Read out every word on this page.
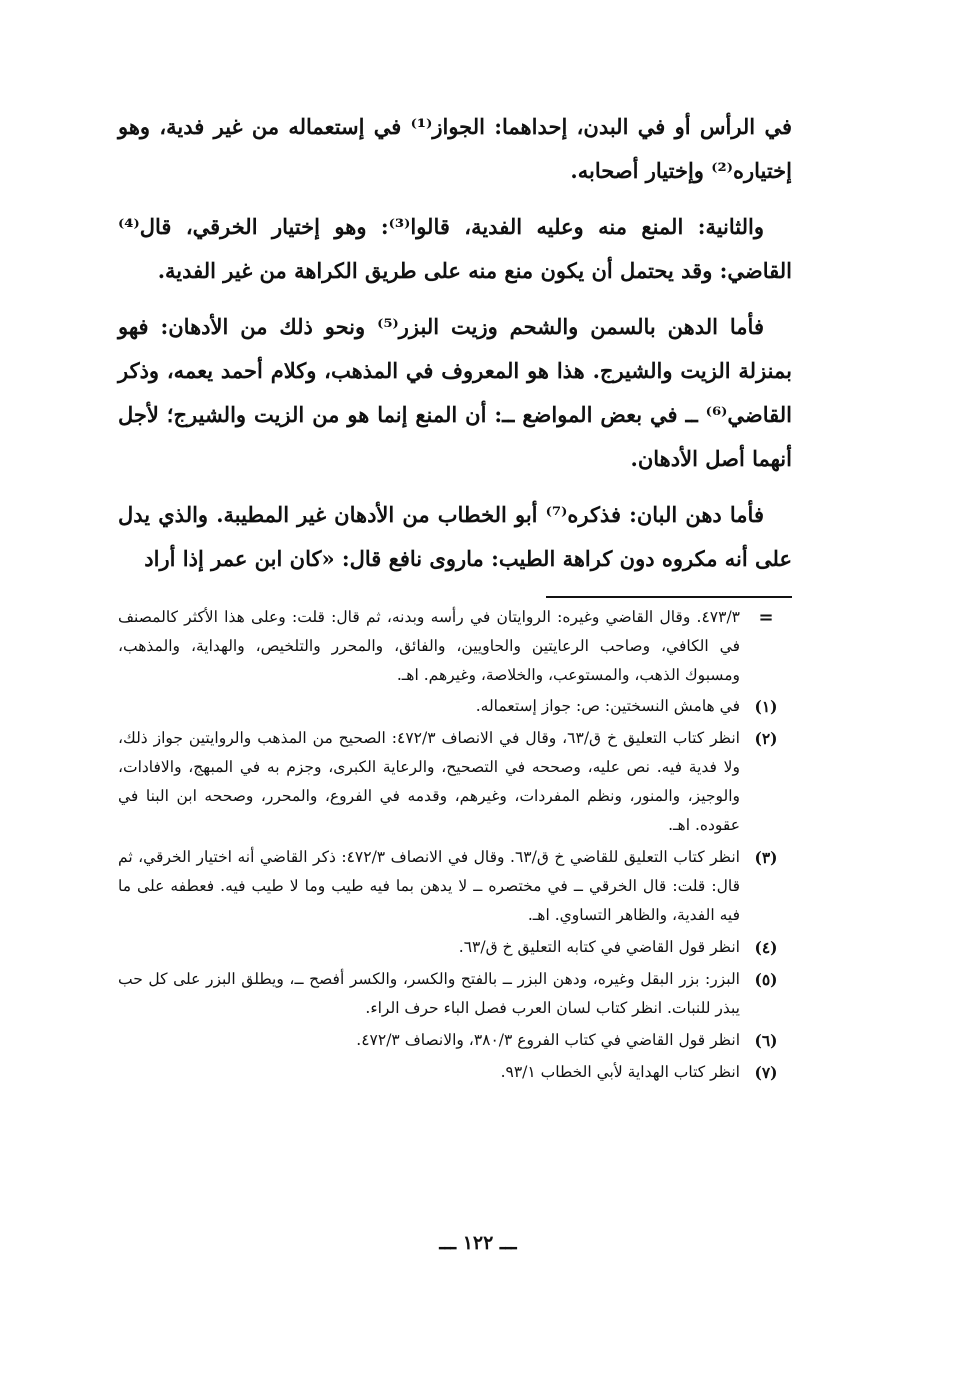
في الرأس أو في البدن، إحداهما: الجواز⁽¹⁾ في إستعماله من غير فدية، وهو إختياره⁽²⁾ وإختيار أصحابه.

والثانية: المنع منه وعليه الفدية، قالوا⁽³⁾: وهو إختيار الخرقي، قال⁽⁴⁾ القاضي: وقد يحتمل أن يكون منع منه على طريق الكراهة من غير الفدية.

فأما الدهن بالسمن والشحم وزيت البزر⁽⁵⁾ ونحو ذلك من الأدهان: فهو بمنزلة الزيت والشيرج. هذا هو المعروف في المذهب، وكلام أحمد يعمه، وذكر القاضي⁽⁶⁾ ــ في بعض المواضع ــ: أن المنع إنما هو من الزيت والشيرج؛ لأجل أنهما أصل الأدهان.

فأما دهن البان: فذكره⁽⁷⁾ أبو الخطاب من الأدهان غير المطيبة. والذي يدل على أنه مكروه دون كراهة الطيب: ماروى نافع قال: «كان ابن عمر إذا أراد

=
٤٧٣/٣. وقال القاضي وغيره: الروايتان في رأسه وبدنه، ثم قال: قلت: وعلى هذا الأكثر كالمصنف في الكافي، وصاحب الرعايتين والحاويين، والفائق، والمحرر والتلخيص، والهداية، والمذهب، ومسبوك الذهب، والمستوعب، والخلاصة، وغيرهم. اهـ.
(١)
في هامش النسختين: ص: جواز إستعماله.
(٢)
انظر كتاب التعليق خ ق/٦٣، وقال في الانصاف ٤٧٢/٣: الصحيح من المذهب والروايتين جواز ذلك، ولا فدية فيه. نص عليه، وصححه في التصحيح، والرعاية الكبرى، وجزم به في المبهج، والافادات، والوجيز، والمنور، ونظم المفردات، وغيرهم، وقدمه في الفروع، والمحرر، وصححه ابن البنا في عقوده. اهـ.
(٣)
انظر كتاب التعليق للقاضي خ ق/٦٣. وقال في الانصاف ٤٧٢/٣: ذكر القاضي أنه اختيار الخرقي، ثم قال: قلت: قال الخرقي ــ في مختصره ــ لا يدهن بما فيه طيب وما لا طيب فيه. فعطفه على ما فيه الفدية، والظاهر التساوي. اهـ.
(٤)
انظر قول القاضي في كتابه التعليق خ ق/٦٣.
(٥)
البزر: بزر البقل وغيره، ودهن البزر ــ بالفتح والكسر، والكسر أفصح ــ، ويطلق البزر على كل حب يبذر للنبات. انظر كتاب لسان العرب فصل الباء حرف الراء.
(٦)
انظر قول القاضي في كتاب الفروع ٣٨٠/٣، والانصاف ٤٧٢/٣.
(٧)
انظر كتاب الهداية لأبي الخطاب ٩٣/١.
ـــ ١٢٢ ـــ
